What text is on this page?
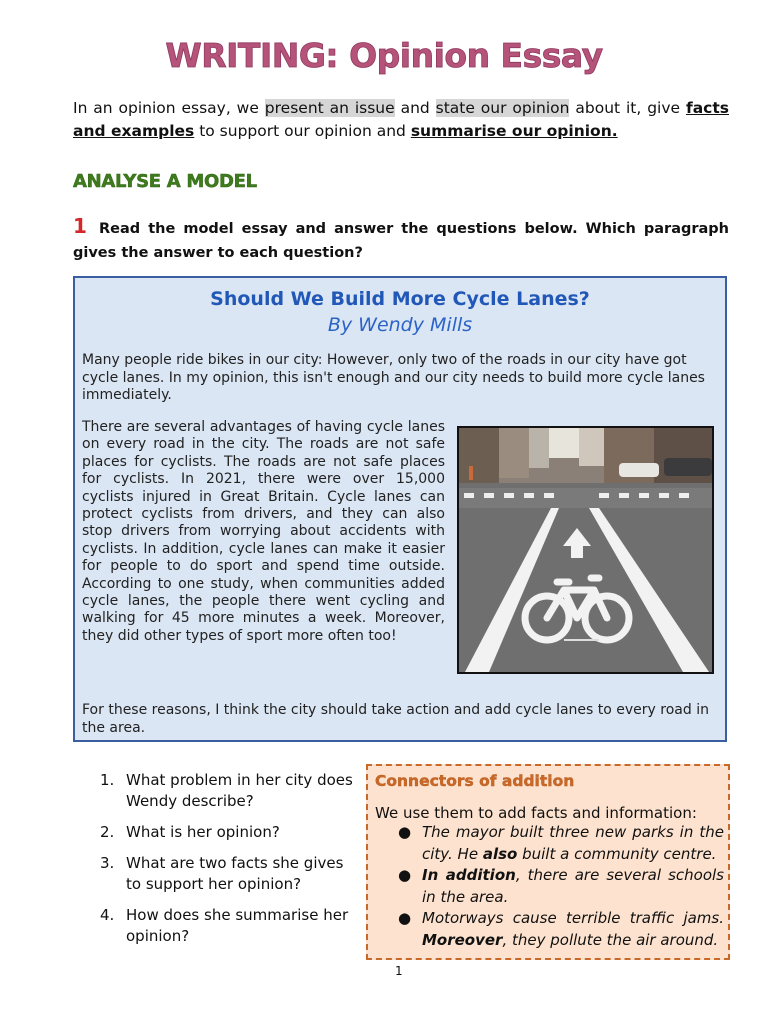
WRITING: Opinion Essay
In an opinion essay, we present an issue and state our opinion about it, give facts and examples to support our opinion and summarise our opinion.
ANALYSE A MODEL
1 Read the model essay and answer the questions below. Which paragraph gives the answer to each question?
Should We Build More Cycle Lanes?
By Wendy Mills
Many people ride bikes in our city: However, only two of the roads in our city have got cycle lanes. In my opinion, this isn't enough and our city needs to build more cycle lanes immediately.
There are several advantages of having cycle lanes on every road in the city. The roads are not safe places for cyclists. The roads are not safe places for cyclists. In 2021, there were over 15,000 cyclists injured in Great Britain. Cycle lanes can protect cyclists from drivers, and they can also stop drivers from worrying about accidents with cyclists. In addition, cycle lanes can make it easier for people to do sport and spend time outside. According to one study, when communities added cycle lanes, the people there went cycling and walking for 45 more minutes a week. Moreover, they did other types of sport more often too!
For these reasons, I think the city should take action and add cycle lanes to every road in the area.
1. What problem in her city does Wendy describe?
2. What is her opinion?
3. What are two facts she gives to support her opinion?
4. How does she summarise her opinion?
Connectors of addition
We use them to add facts and information:
● The mayor built three new parks in the city. He also built a community centre.
● In addition, there are several schools in the area.
● Motorways cause terrible traffic jams. Moreover, they pollute the air around.
1
